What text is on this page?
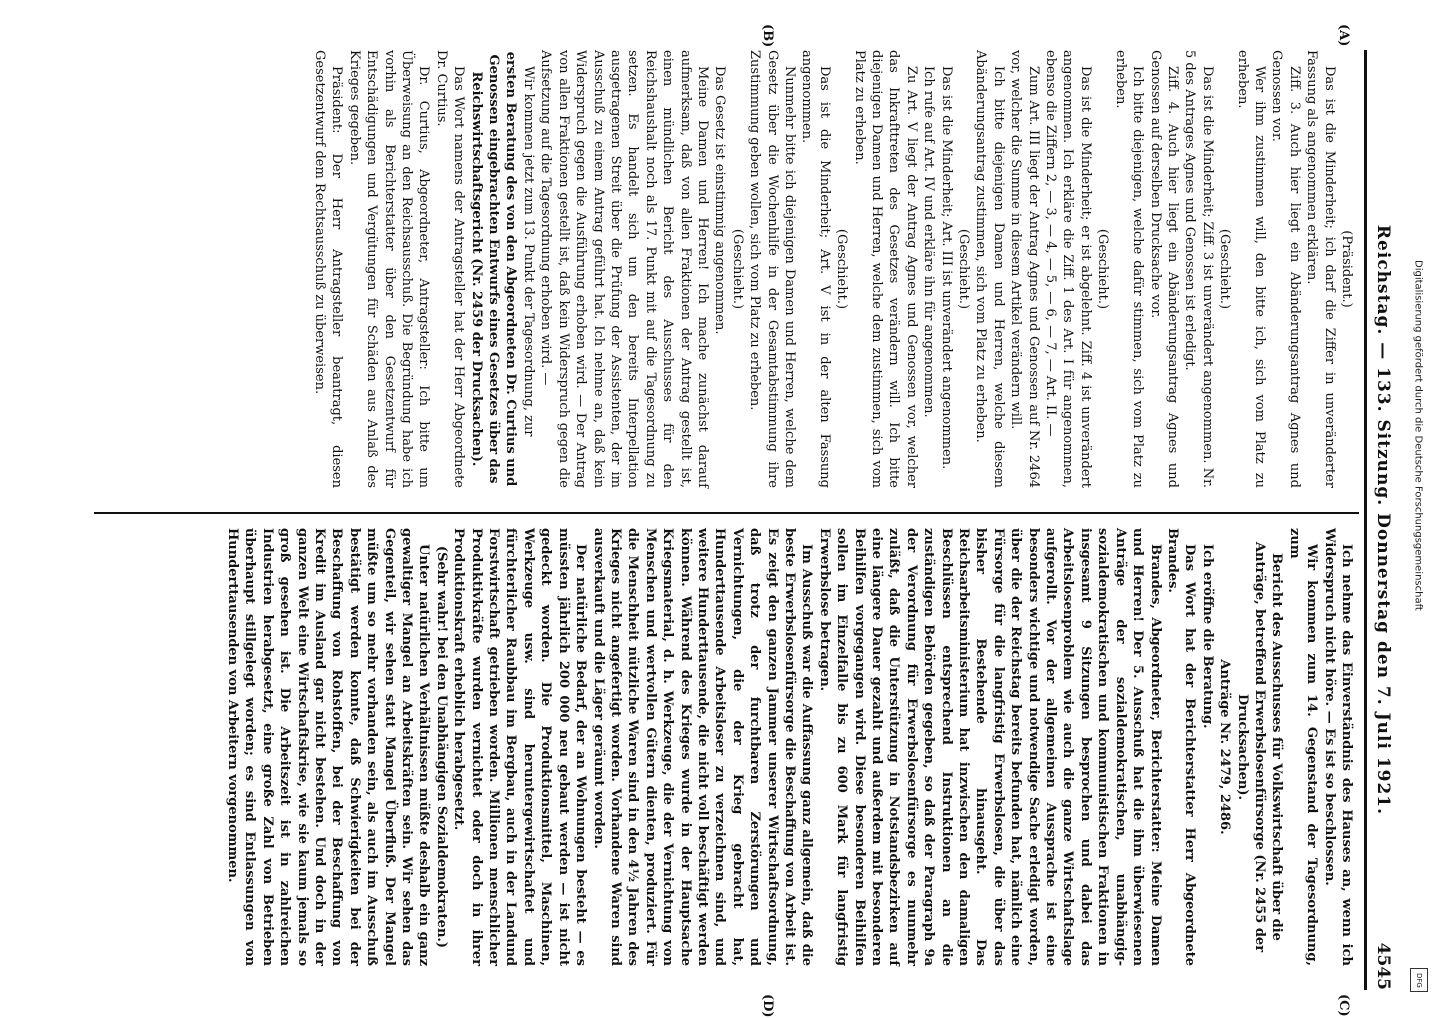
Reichstag. — 133. Sitzung. Donnerstag den 7. Juli 1921.
4545
(A)
(B)
(C)
(D)

(Präsident.)

Das ist die Minderheit; ich darf die Ziffer in unveränderter Fassung als angenommen erklären.

Ziff. 3. Auch hier liegt ein Abänderungsantrag Agnes und Genossen vor.

Wer ihm zustimmen will, den bitte ich, sich vom Platz zu erheben.

(Geschieht.)

Das ist die Minderheit; Ziff. 3 ist unverändert angenommen. Nr. 5 des Antrages Agnes und Genossen ist erledigt.

Ziff. 4. Auch hier liegt ein Abänderungsantrag Agnes und Genossen auf derselben Drucksache vor.

Ich bitte diejenigen, welche dafür stimmen, sich vom Platz zu erheben.

(Geschieht.)

Das ist die Minderheit; er ist abgelehnt. Ziff. 4 ist unverändert angenommen. Ich erkläre die Ziff. 1 des Art. I für angenommen, ebenso die Ziffern 2, — 3, — 4, — 5, — 6, — 7, — Art. II. —

Zum Art. III liegt der Antrag Agnes und Genossen auf Nr. 2464 vor, welcher die Summe in diesem Artikel verändern will.

Ich bitte diejenigen Damen und Herren, welche diesem Abänderungsantrag zustimmen, sich vom Platz zu erheben.

(Geschieht.)

Das ist die Minderheit; Art. III ist unverändert angenommen.

Ich rufe auf Art. IV und erkläre ihn für angenommen.

Zu Art. V liegt der Antrag Agnes und Genossen vor, welcher das Inkrafttreten des Gesetzes verändern will. Ich bitte diejenigen Damen und Herren, welche dem zustimmen, sich vom Platz zu erheben.

(Geschieht.)

Das ist die Minderheit; Art. V ist in der alten Fassung angenommen.

Nunmehr bitte ich diejenigen Damen und Herren, welche dem Gesetz über die Wochenhilfe in der Gesamtabstimmung ihre Zustimmung geben wollen, sich vom Platz zu erheben.

(Geschieht.)

Das Gesetz ist einstimmig angenommen.

Meine Damen und Herren! Ich mache zunächst darauf aufmerksam, daß von allen Fraktionen der Antrag gestellt ist, einen mündlichen Bericht des Ausschusses für den Reichshaushalt noch als 17. Punkt mit auf die Tagesordnung zu setzen. Es handelt sich um den bereits Interpellation ausgetragenen Streit über die Prüfung der Assistenten, der im Ausschuß zu einem Antrag geführt hat. Ich nehme an, daß kein Widerspruch gegen die Ausführung erhoben wird. — Der Antrag von allen Fraktionen gestellt ist, daß kein Widerspruch gegen die Aufsetzung auf die Tagesordnung erhoben wird. —

Wir kommen jetzt zum 13. Punkt der Tagesordnung, zur

ersten Beratung des von den Abgeordneten Dr. Curtius und Genossen eingebrachten Entwurfs eines Gesetzes über das Reichswirtschaftsgericht (Nr. 2459 der Drucksachen).

Das Wort namens der Antragsteller hat der Herr Abgeordnete Dr. Curtius.

Dr. Curtius, Abgeordneter, Antragsteller: Ich bitte um Überweisung an den Reichsausschuß. Die Begründung habe ich vorhin als Berichterstatter über den Gesetzentwurf für Entschädigungen und Vergütungen für Schäden aus Anlaß des Krieges gegeben.

Präsident: Der Herr Antragsteller beantragt, diesen Gesetzentwurf dem Rechtsausschuß zu überweisen.

Ich nehme das Einverständnis des Hauses an, wenn ich Widerspruch nicht höre. — Es ist so beschlossen.

Wir kommen zum 14. Gegenstand der Tagesordnung, zum

Bericht des Ausschusses für Volkswirtschaft über die Anträge, betreffend Erwerbslosenfürsorge (Nr. 2455 der Drucksachen).

Anträge Nr. 2479, 2486.

Ich eröffne die Beratung.

Das Wort hat der Berichterstatter Herr Abgeordnete Brandes.

Brandes, Abgeordneter, Berichterstatter: Meine Damen und Herren! Der 5. Ausschuß hat die ihm überwiesenen Anträge der sozialdemokratischen, unabhängig-sozialdemokratischen und kommunistischen Fraktionen in insgesamt 9 Sitzungen besprochen und dabei das Arbeitslosenproblem wie auch die ganze Wirtschaftslage aufgerollt. Vor der allgemeinen Aussprache ist eine besonders wichtige und notwendige Sache erledigt worden, über die der Reichstag bereits befunden hat, nämlich eine Fürsorge für die langfristig Erwerbslosen, die über das bisher Bestehende hinausgeht. Das Reichsarbeitsministerium hat inzwischen den damaligen Beschlüssen entsprechend Instruktionen an die zuständigen Behörden gegeben, so daß der Paragraph 9a der Verordnung für Erwerbslosenfürsorge es nunmehr zuläßt, daß die Unterstützung in Notstandsbezirken auf eine längere Dauer gezahlt und außerdem mit besonderen Beihilfen vorgegangen wird. Diese besonderen Beihilfen sollen im Einzelfalle bis zu 600 Mark für langfristig Erwerbslose betragen.

Im Ausschuß war die Auffassung ganz allgemein, daß die beste Erwerbslosenfürsorge die Beschaffung von Arbeit ist. Es zeigt den ganzen Jammer unserer Wirtschaftsordnung, daß trotz der furchtbaren Zerstörungen und Vernichtungen, die der Krieg gebracht hat, Hunderttausende Arbeitsloser zu verzeichnen sind, und weitere Hunderttausende, die nicht voll beschäftigt werden können. Während des Krieges wurde in der Hauptsache Kriegsmaterial, d. h. Werkzeuge, die der Vernichtung von Menschen und wertvollen Gütern dienten, produziert. Für die Menschheit nützliche Waren sind in den 4½ Jahren des Krieges nicht angefertigt worden. Vorhandene Waren sind ausverkauft und die Läger geräumt worden.

Der natürliche Bedarf, der an Wohnungen besteht — es müssten jährlich 200 000 neu gebaut werden — ist nicht gedeckt worden. Die Produktionsmittel, Maschinen, Werkzeuge usw. sind heruntergewirtschaftet und fürchterlicher Raubbau im Bergbau, auch in der Landund Forstwirtschaft getrieben worden. Millionen menschlicher Produktivkräfte wurden vernichtet oder doch in ihrer Produktionskraft erheblich herabgesetzt.

(Sehr wahr! bei den Unabhängigen Sozialdemokraten.)

Unter natürlichen Verhältnissen müßte deshalb ein ganz gewaltiger Mangel an Arbeitskräften sein. Wir sehen das Gegenteil, wir sehen statt Mangel Überfluß. Der Mangel müßte um so mehr vorhanden sein, als auch im Ausschuß bestätigt werden konnte, daß Schwierigkeiten bei der Beschaffung von Rohstoffen, bei der Beschaffung von Kredit im Ausland gar nicht bestehen. Und doch in der ganzen Welt eine Wirtschaftskrise, wie sie kaum jemals so groß gesehen ist. Die Arbeitszeit ist in zahlreichen Industrien herabgesetzt, eine große Zahl von Betrieben überhaupt stillgelegt worden; es sind Entlassungen von Hunderttausenden von Arbeitern vorgenommen.

Digitalisierung gefördert durch die Deutsche Forschungsgemeinschaft
DFG
